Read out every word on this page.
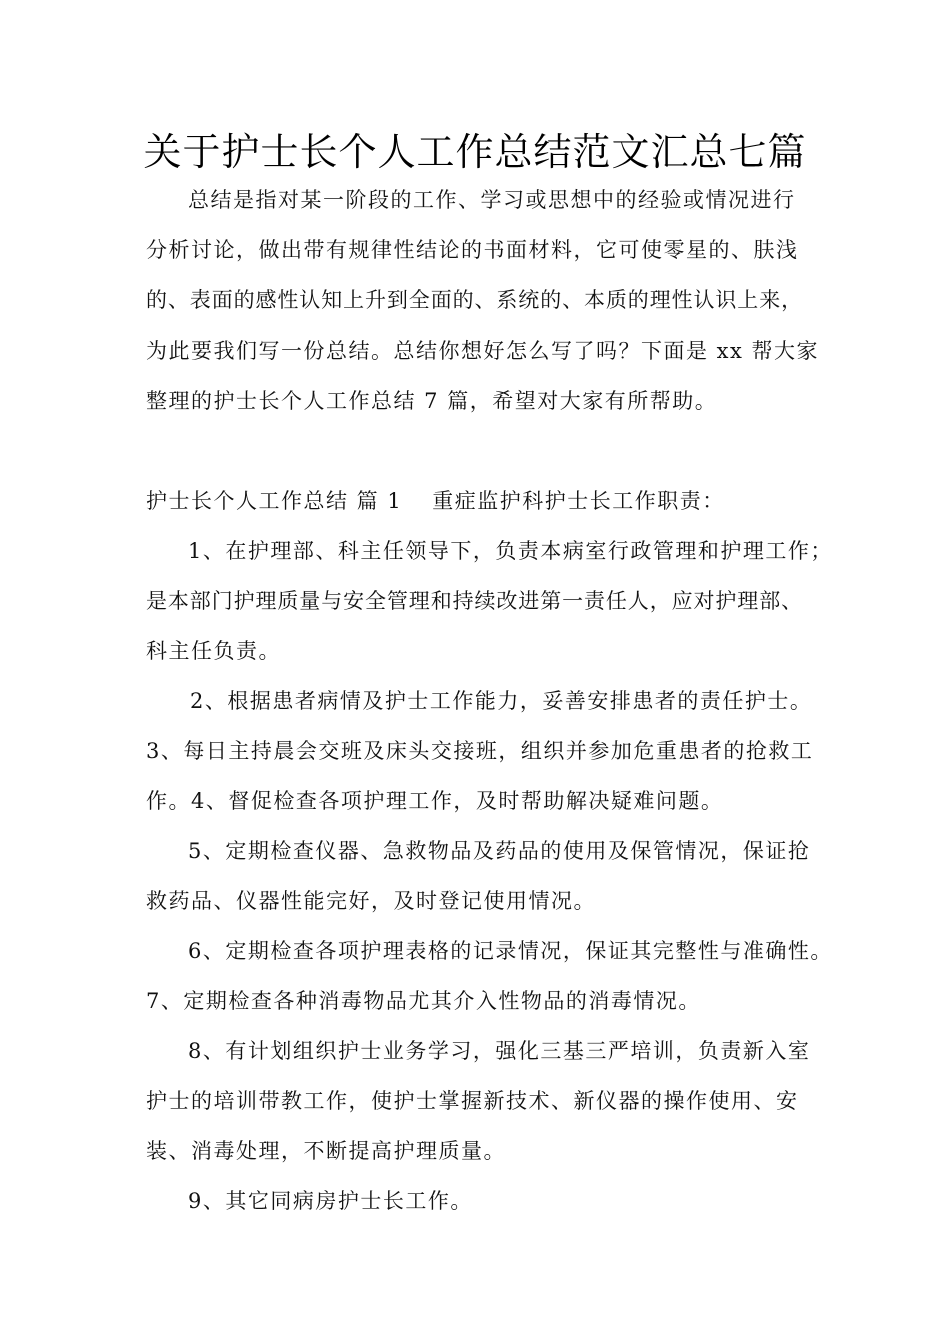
关于护士长个人工作总结范文汇总七篇
总结是指对某一阶段的工作、学习或思想中的经验或情况进行
分析讨论，做出带有规律性结论的书面材料，它可使零星的、肤浅
的、表面的感性认知上升到全面的、系统的、本质的理性认识上来，
为此要我们写一份总结。总结你想好怎么写了吗？下面是 xx 帮大家
整理的护士长个人工作总结 7 篇，希望对大家有所帮助。
护士长个人工作总结 篇 1 重症监护科护士长工作职责：
1、在护理部、科主任领导下，负责本病室行政管理和护理工作；
是本部门护理质量与安全管理和持续改进第一责任人，应对护理部、
科主任负责。
2、根据患者病情及护士工作能力，妥善安排患者的责任护士。
3、每日主持晨会交班及床头交接班，组织并参加危重患者的抢救工
作。4、督促检查各项护理工作，及时帮助解决疑难问题。
5、定期检查仪器、急救物品及药品的使用及保管情况，保证抢
救药品、仪器性能完好，及时登记使用情况。
6、定期检查各项护理表格的记录情况，保证其完整性与准确性。
7、定期检查各种消毒物品尤其介入性物品的消毒情况。
8、有计划组织护士业务学习，强化三基三严培训，负责新入室
护士的培训带教工作，使护士掌握新技术、新仪器的操作使用、安
装、消毒处理，不断提高护理质量。
9、其它同病房护士长工作。
